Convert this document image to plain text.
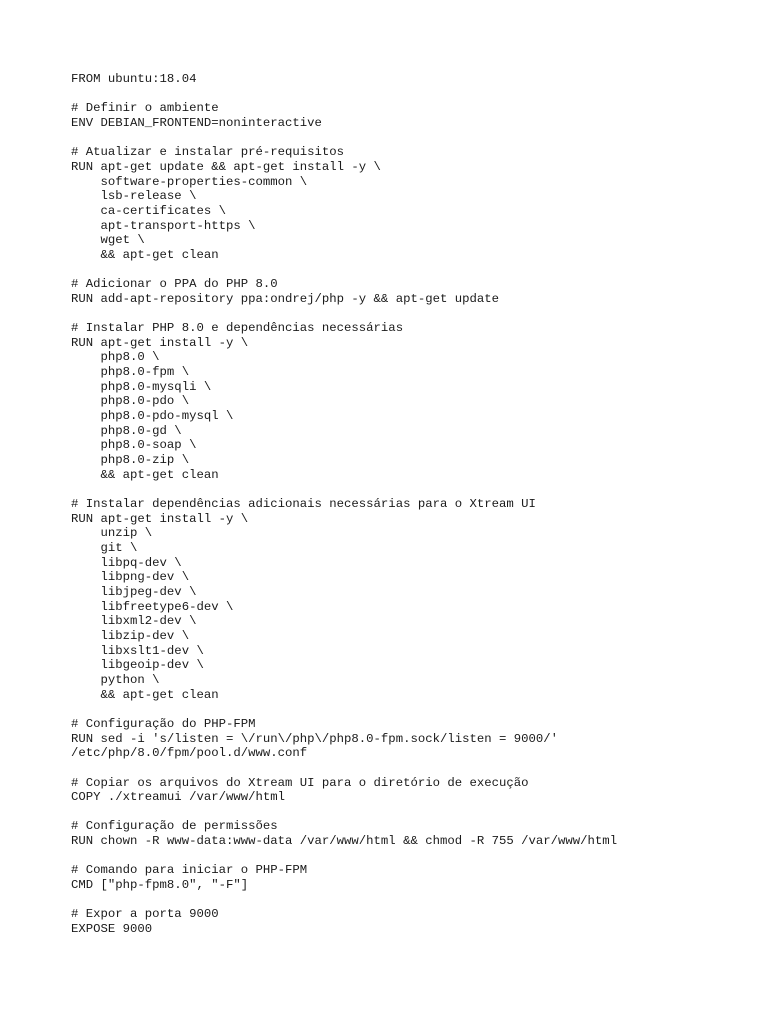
FROM ubuntu:18.04
# Definir o ambiente
ENV DEBIAN_FRONTEND=noninteractive
# Atualizar e instalar pré-requisitos
RUN apt-get update && apt-get install -y \
software-properties-common \
lsb-release \
ca-certificates \
apt-transport-https \
wget \
&& apt-get clean
# Adicionar o PPA do PHP 8.0
RUN add-apt-repository ppa:ondrej/php -y && apt-get update
# Instalar PHP 8.0 e dependências necessárias
RUN apt-get install -y \
php8.0 \
php8.0-fpm \
php8.0-mysqli \
php8.0-pdo \
php8.0-pdo-mysql \
php8.0-gd \
php8.0-soap \
php8.0-zip \
&& apt-get clean
# Instalar dependências adicionais necessárias para o Xtream UI
RUN apt-get install -y \
unzip \
git \
libpq-dev \
libpng-dev \
libjpeg-dev \
libfreetype6-dev \
libxml2-dev \
libzip-dev \
libxslt1-dev \
libgeoip-dev \
python \
&& apt-get clean
# Configuração do PHP-FPM
RUN sed -i 's/listen = \/run\/php\/php8.0-fpm.sock/listen = 9000/'
/etc/php/8.0/fpm/pool.d/www.conf
# Copiar os arquivos do Xtream UI para o diretório de execução
COPY ./xtreamui /var/www/html
# Configuração de permissões
RUN chown -R www-data:www-data /var/www/html && chmod -R 755 /var/www/html
# Comando para iniciar o PHP-FPM
CMD ["php-fpm8.0", "-F"]
# Expor a porta 9000
EXPOSE 9000
